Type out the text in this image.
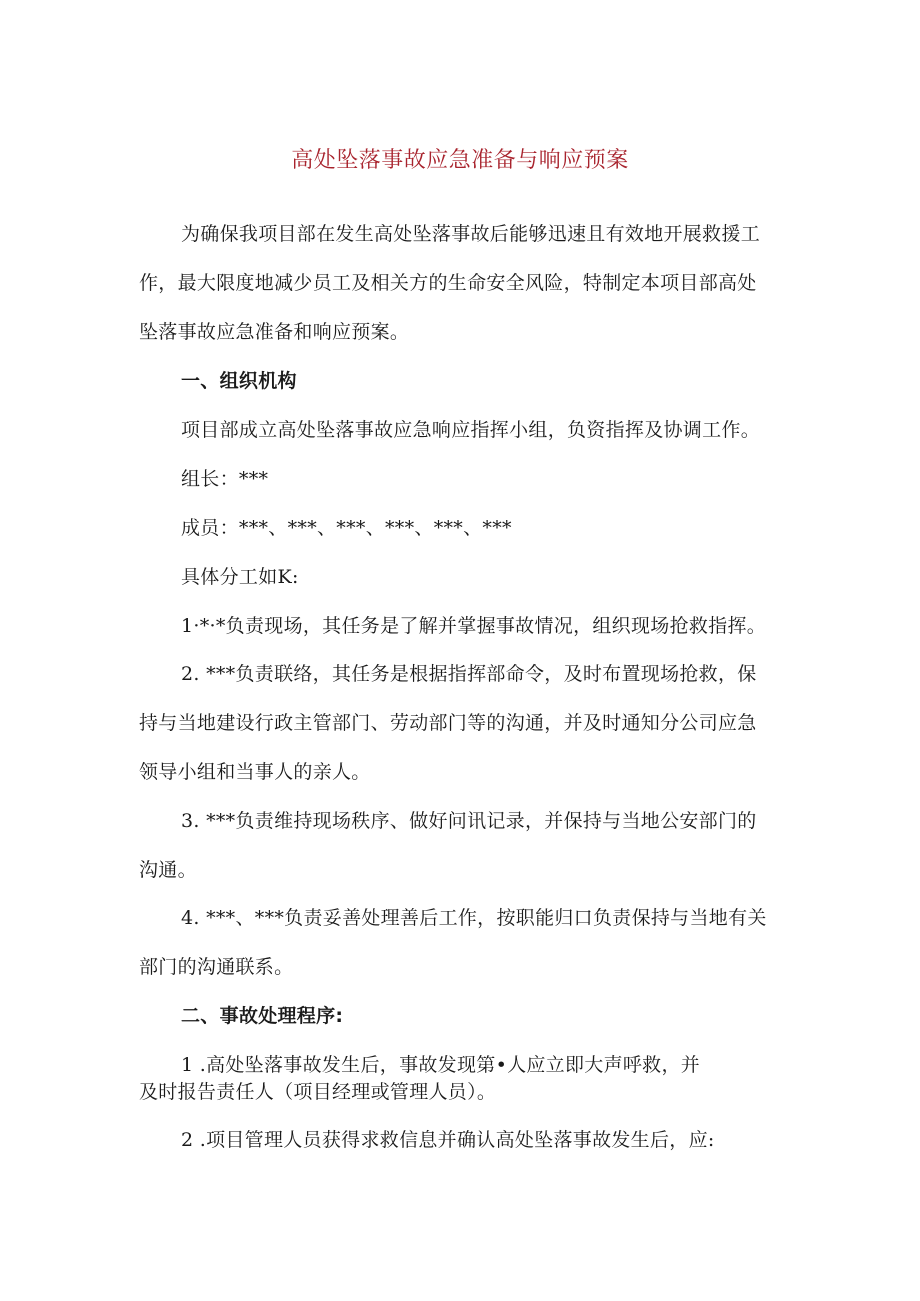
高处坠落事故应急准备与响应预案

为确保我项目部在发生高处坠落事故后能够迅速且有效地开展救援工

作，最大限度地减少员工及相关方的生命安全风险，特制定本项目部高处

坠落事故应急准备和响应预案。

一、组织机构

项目部成立高处坠落事故应急响应指挥小组，负资指挥及协调工作。

组长：***

成员：***、***、***、***、***、***

具体分工如K:

1·*·*负责现场，其任务是了解并掌握事故情况，组织现场抢救指挥。

2. ***负责联络，其任务是根据指挥部命令，及时布置现场抢救，保

持与当地建设行政主管部门、劳动部门等的沟通，并及时通知分公司应急

领导小组和当事人的亲人。

3. ***负责维持现场秩序、做好问讯记录，并保持与当地公安部门的

沟通。

4. ***、***负责妥善处理善后工作，按职能归口负责保持与当地有关

部门的沟通联系。

二、事故处理程序:

1 .高处坠落事故发生后，事故发现第•人应立即大声呼救，并

及时报告责任人（项目经理或管理人员）。

2 .项目管理人员获得求救信息并确认高处坠落事故发生后，应:
